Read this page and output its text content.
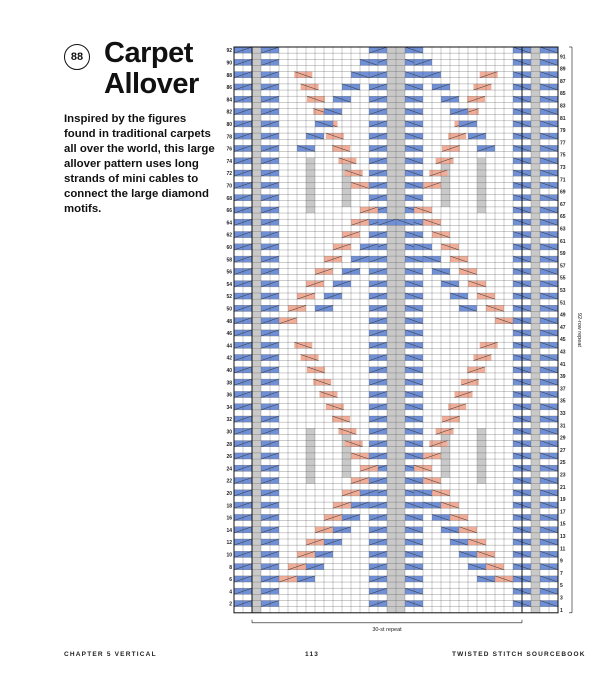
88 Carpet
Allover
Inspired by the figures found in traditional carpets all over the world, this large allover pattern uses long strands of mini cables to connect the large diamond motifs.
1
2
3
4
5
6
7
8
9
10
11
12
13
14
15
16
17
18
19
20
21
22
23
24
25
26
27
28
29
30
31
32
33
34
35
36
37
38
39
40
41
42
43
44
45
46
47
48
49
50
51
52
53
54
55
56
57
58
59
60
61
62
63
64
65
66
67
68
69
70
71
72
73
74
75
76
77
78
79
80
81
82
83
84
85
86
87
88
89
90
91
92
30-st repeat
92-row repeat
CHAPTER 5 VERTICAL	113	TWISTED STITCH SOURCEBOOK
